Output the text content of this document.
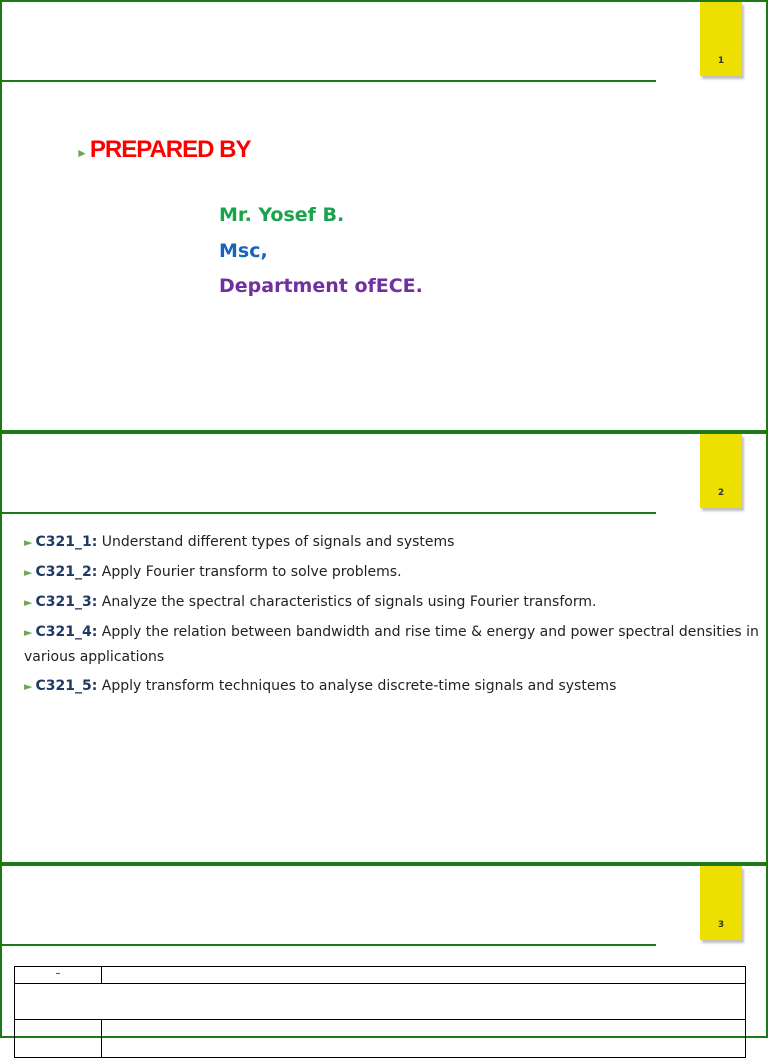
1
►PREPARED BY
Mr. Yosef B.
Msc,
Department ofECE.
2
► C321_1: Understand different types of signals and systems
► C321_2: Apply Fourier transform to solve problems.
► C321_3: Analyze the spectral characteristics of signals using Fourier transform.
► C321_4: Apply the relation between bandwidth and rise time & energy and power spectral densities in various applications
► C321_5: Apply transform techniques to analyse discrete-time signals and systems
3
–
